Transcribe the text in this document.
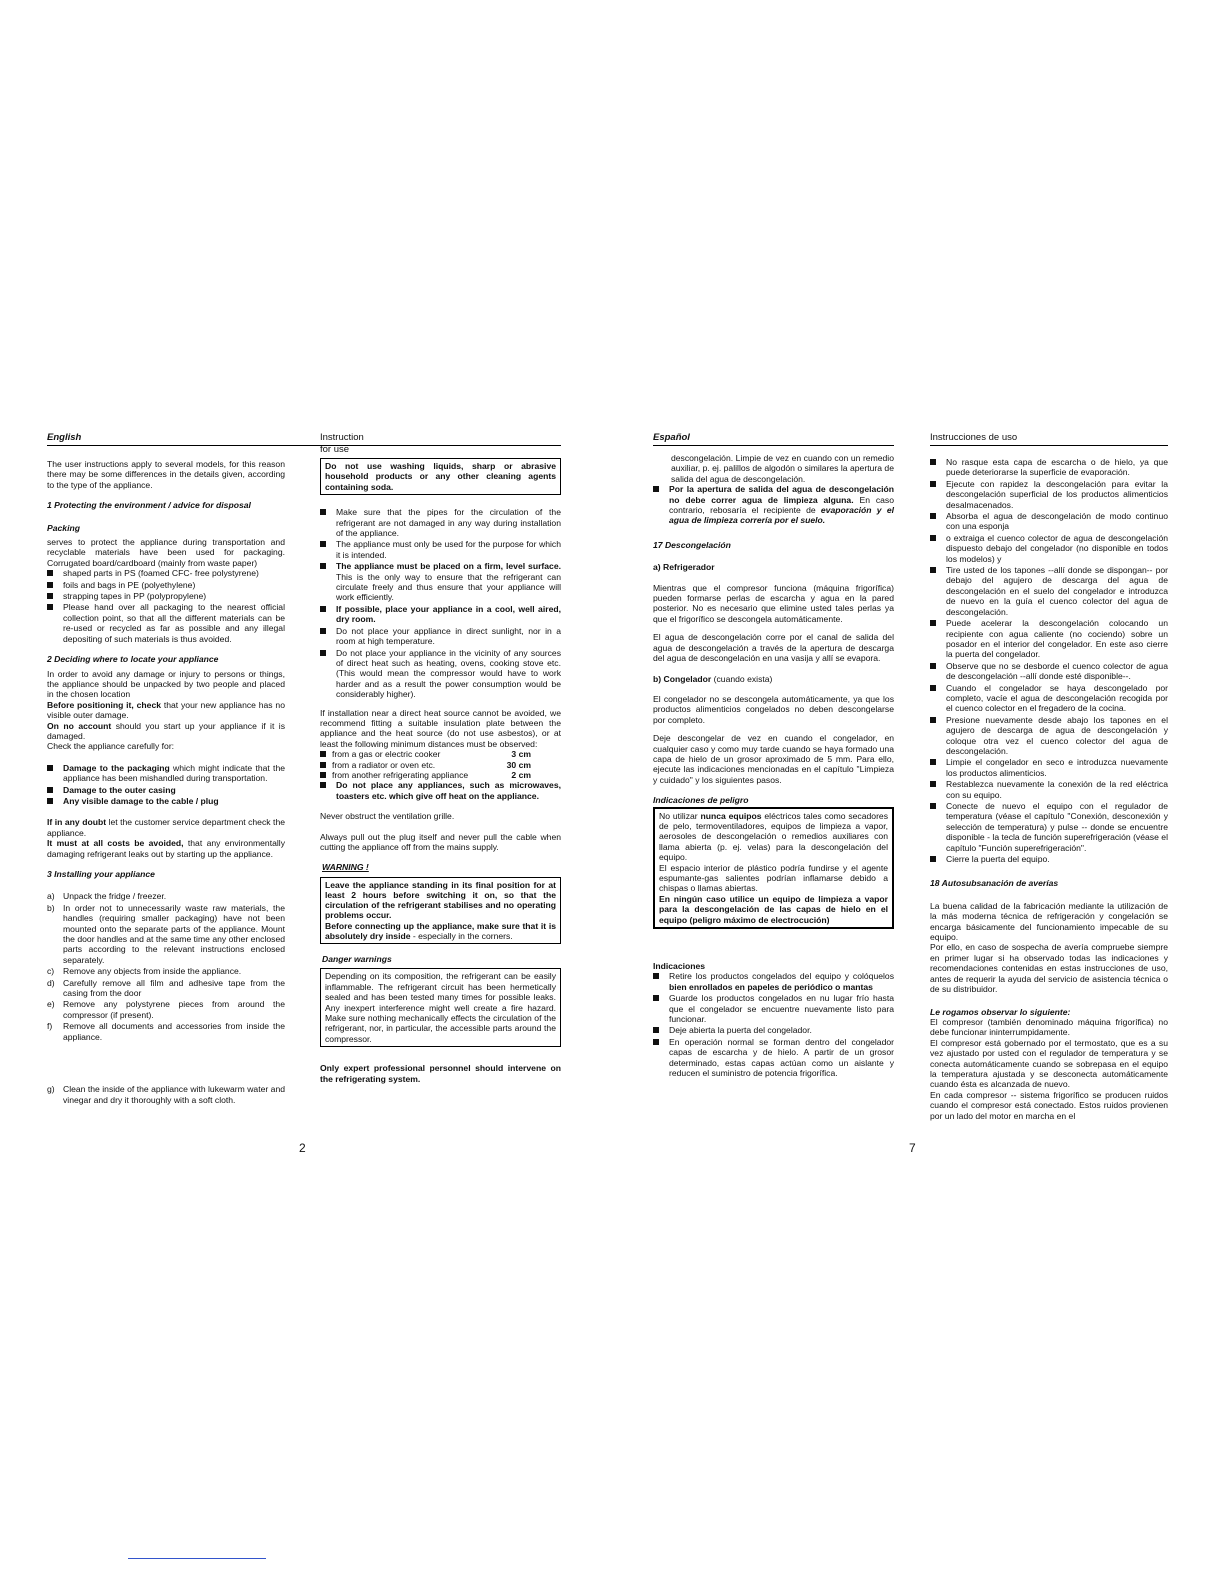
English	Instruction for use

The user instructions apply to several models, for this reason there may be some differences in the details given, according to the type of the appliance.

1 Protecting the environment / advice for disposal
Packing

serves to protect the appliance during transportation and recyclable materials have been used for packaging. Corrugated board/cardboard (mainly from waste paper)

shaped parts in PS (foamed CFC- free polystyrene)
foils and bags in PE (polyethylene)
strapping tapes in PP (polypropylene)
Please hand over all packaging to the nearest official collection point, so that all the different materials can be re-used or recycled as far as possible and any illegal depositing of such materials is thus avoided.
2 Deciding where to locate your appliance

In order to avoid any damage or injury to persons or things, the appliance should be unpacked by two people and placed in the chosen location
Before positioning it, check that your new appliance has no visible outer damage.
On no account should you start up your appliance if it is damaged.
Check the appliance carefully for:

Damage to the packaging which might indicate that the appliance has been mishandled during transportation.
Damage to the outer casing
Any visible damage to the cable / plug

If in any doubt let the customer service department check the appliance.
It must at all costs be avoided, that any environmentally damaging refrigerant leaks out by starting up the appliance.

3 Installing your appliance
a) Unpack the fridge / freezer.
b) In order not to unnecessarily waste raw materials, the handles (requiring smaller packaging) have not been mounted onto the separate parts of the appliance. Mount the door handles and at the same time any other enclosed parts according to the relevant instructions enclosed separately.
c) Remove any objects from inside the appliance.
d) Carefully remove all film and adhesive tape from the casing from the door
e) Remove any polystyrene pieces from around the compressor (if present).
f) Remove all documents and accessories from inside the appliance.
g) Clean the inside of the appliance with lukewarm water and vinegar and dry it thoroughly with a soft cloth.
Do not use washing liquids, sharp or abrasive household products or any other cleaning agents containing soda.
Make sure that the pipes for the circulation of the refrigerant are not damaged in any way during installation of the appliance.
The appliance must only be used for the purpose for which it is intended.
The appliance must be placed on a firm, level surface. This is the only way to ensure that the refrigerant can circulate freely and thus ensure that your appliance will work efficiently.
If possible, place your appliance in a cool, well aired, dry room.
Do not place your appliance in direct sunlight, nor in a room at high temperature.
Do not place your appliance in the vicinity of any sources of direct heat such as heating, ovens, cooking stove etc. (This would mean the compressor would have to work harder and as a result the power consumption would be considerably higher).

If installation near a direct heat source cannot be avoided, we recommend fitting a suitable insulation plate between the appliance and the heat source (do not use asbestos), or at least the following minimum distances must be observed:

	from a gas or electric cooker	3 cm
	from a radiator or oven etc.	30 cm
	from another refrigerating appliance	2 cm
Do not place any appliances, such as microwaves, toasters etc. which give off heat on the appliance.

Never obstruct the ventilation grille.

Always pull out the plug itself and never pull the cable when cutting the appliance off from the mains supply.

WARNING !
Leave the appliance standing in its final position for at least 2 hours before switching it on, so that the circulation of the refrigerant stabilises and no operating problems occur.
Before connecting up the appliance, make sure that it is absolutely dry inside - especially in the corners.
Danger warnings
Depending on its composition, the refrigerant can be easily inflammable. The refrigerant circuit has been hermetically sealed and has been tested many times for possible leaks. Any inexpert interference might well create a fire hazard. Make sure nothing mechanically effects the circulation of the refrigerant, nor, in particular, the accessible parts around the compressor.

Only expert professional personnel should intervene on the refrigerating system.

2
Español

descongelación. Limpie de vez en cuando con un remedio auxiliar, p. ej. palillos de algodón o similares la apertura de salida del agua de descongelación.

Por la apertura de salida del agua de descongelación no debe correr agua de limpieza alguna. En caso contrario, rebosaría el recipiente de evaporación y el agua de limpieza correría por el suelo.
17 Descongelación
a) Refrigerador

Mientras que el compresor funciona (máquina frigorífica) pueden formarse perlas de escarcha y agua en la pared posterior. No es necesario que elimine usted tales perlas ya que el frigorífico se descongela automáticamente.

El agua de descongelación corre por el canal de salida del agua de descongelación a través de la apertura de descarga del agua de descongelación en una vasija y allí se evapora.

b) Congelador (cuando exista)

El congelador no se descongela automáticamente, ya que los productos alimenticios congelados no deben descongelarse por completo.

Deje descongelar de vez en cuando el congelador, en cualquier caso y como muy tarde cuando se haya formado una capa de hielo de un grosor aproximado de 5 mm. Para ello, ejecute las indicaciones mencionadas en el capítulo "Limpieza y cuidado" y los siguientes pasos.

Indicaciones de peligro
No utilizar nunca equipos eléctricos tales como secadores de pelo, termoventiladores, equipos de limpieza a vapor, aerosoles de descongelación o remedios auxiliares con llama abierta (p. ej. velas) para la descongelación del equipo.
El espacio interior de plástico podría fundirse y el agente espumante-gas salientes podrían inflamarse debido a chispas o llamas abiertas.
En ningún caso utilice un equipo de limpieza a vapor para la descongelación de las capas de hielo en el equipo (peligro máximo de electrocución)
Indicaciones
Retire los productos congelados del equipo y colóquelos bien enrollados en papeles de periódico o mantas
Guarde los productos congelados en nu lugar frío hasta que el congelador se encuentre nuevamente listo para funcionar.
Deje abierta la puerta del congelador.
En operación normal se forman dentro del congelador capas de escarcha y de hielo. A partir de un grosor determinado, estas capas actúan como un aislante y reducen el suministro de potencia frigorífica.
Instrucciones de uso
No rasque esta capa de escarcha o de hielo, ya que puede deteriorarse la superficie de evaporación.
Ejecute con rapidez la descongelación para evitar la descongelación superficial de los productos alimenticios desalmacenados.
Absorba el agua de descongelación de modo continuo con una esponja
o extraiga el cuenco colector de agua de descongelación dispuesto debajo del congelador (no disponible en todos los modelos) y
Tire usted de los tapones --allí donde se dispongan-- por debajo del agujero de descarga del agua de descongelación en el suelo del congelador e introduzca de nuevo en la guía el cuenco colector del agua de descongelación.
Puede acelerar la descongelación colocando un recipiente con agua caliente (no cociendo) sobre un posador en el interior del congelador. En este aso cierre la puerta del congelador.
Observe que no se desborde el cuenco colector de agua de descongelación --allí donde esté disponible--.
Cuando el congelador se haya descongelado por completo, vacíe el agua de descongelación recogida por el cuenco colector en el fregadero de la cocina.
Presione nuevamente desde abajo los tapones en el agujero de descarga de agua de descongelación y coloque otra vez el cuenco colector del agua de descongelación.
Limpie el congelador en seco e introduzca nuevamente los productos alimenticios.
Restablezca nuevamente la conexión de la red eléctrica con su equipo.
Conecte de nuevo el equipo con el regulador de temperatura (véase el capítulo "Conexión, desconexión y selección de temperatura) y pulse -- donde se encuentre disponible - la tecla de función superefrigeración (véase el capítulo "Función superefrigeración".
Cierre la puerta del equipo.
18 Autosubsanación de averías

La buena calidad de la fabricación mediante la utilización de la más moderna técnica de refrigeración y congelación se encarga básicamente del funcionamiento impecable de su equipo.

Por ello, en caso de sospecha de avería compruebe siempre en primer lugar si ha observado todas las indicaciones y recomendaciones contenidas en estas instrucciones de uso, antes de requerir la ayuda del servicio de asistencia técnica o de su distribuidor.

Le rogamos observar lo siguiente:

El compresor (también denominado máquina frigorífica) no debe funcionar ininterrumpidamente.

El compresor está gobernado por el termostato, que es a su vez ajustado por usted con el regulador de temperatura y se conecta automáticamente cuando se sobrepasa en el equipo la temperatura ajustada y se desconecta automáticamente cuando ésta es alcanzada de nuevo.

En cada compresor -- sistema frigorífico se producen ruidos cuando el compresor está conectado. Estos ruidos provienen por un lado del motor en marcha en el

7
